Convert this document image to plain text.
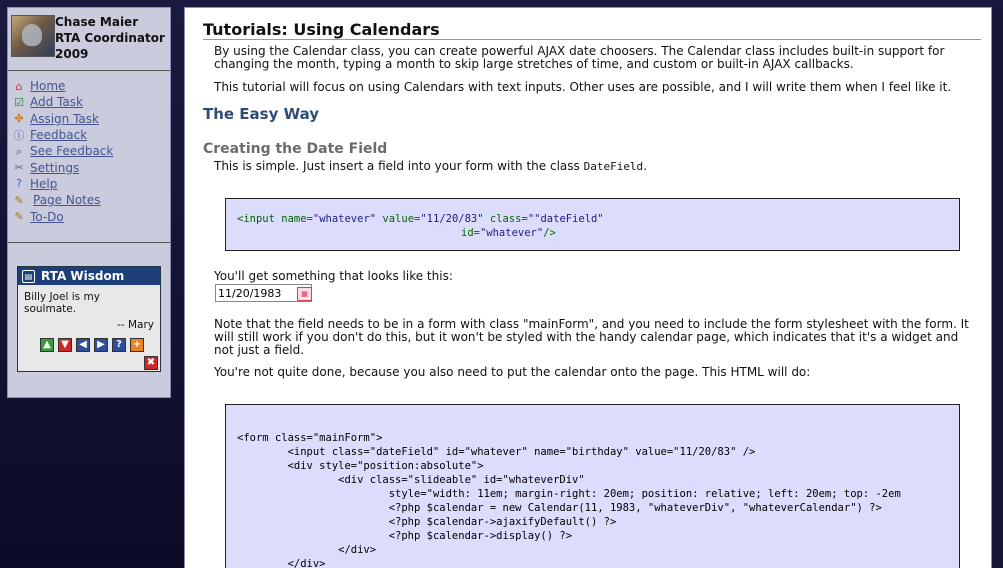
Chase Maier
RTA Coordinator
2009
⌂ Home
☑ Add Task
✤ Assign Task
ⓘ Feedback
⌕ See Feedback
✂ Settings
? Help
✎ Page Notes
✎ To-Do
▤ RTA Wisdom
Billy Joel is my soulmate.
-- Mary
▲	▼	◀	▶	?	+
✖
Tutorials: Using Calendars

By using the Calendar class, you can create powerful AJAX date choosers. The Calendar class includes built-in support for changing the month, typing a month to skip large stretches of time, and custom or built-in AJAX callbacks.

This tutorial will focus on using Calendars with text inputs. Other uses are possible, and I will write them when I feel like it.

The Easy Way
Creating the Date Field

This is simple. Just insert a field into your form with the class DateField.

<input name="whatever" value="11/20/83" class=""dateField"
id="whatever"/>

You'll get something that looks like this:

11/20/1983
▦

Note that the field needs to be in a form with class "mainForm", and you need to include the form stylesheet with the form. It will still work if you don't do this, but it won't be styled with the handy calendar page, which indicates that it's a widget and not just a field.

You're not quite done, because you also need to put the calendar onto the page. This HTML will do:

<form class="mainForm">
<input class="dateField" id="whatever" name="birthday" value="11/20/83" />
<div style="position:absolute">
<div class="slideable" id="whateverDiv"
style="width: 11em; margin-right: 20em; position: relative; left: 20em; top: -2em
<?php $calendar = new Calendar(11, 1983, "whateverDiv", "whateverCalendar") ?>
<?php $calendar->ajaxifyDefault() ?>
<?php $calendar->display() ?>
</div>
</div>
